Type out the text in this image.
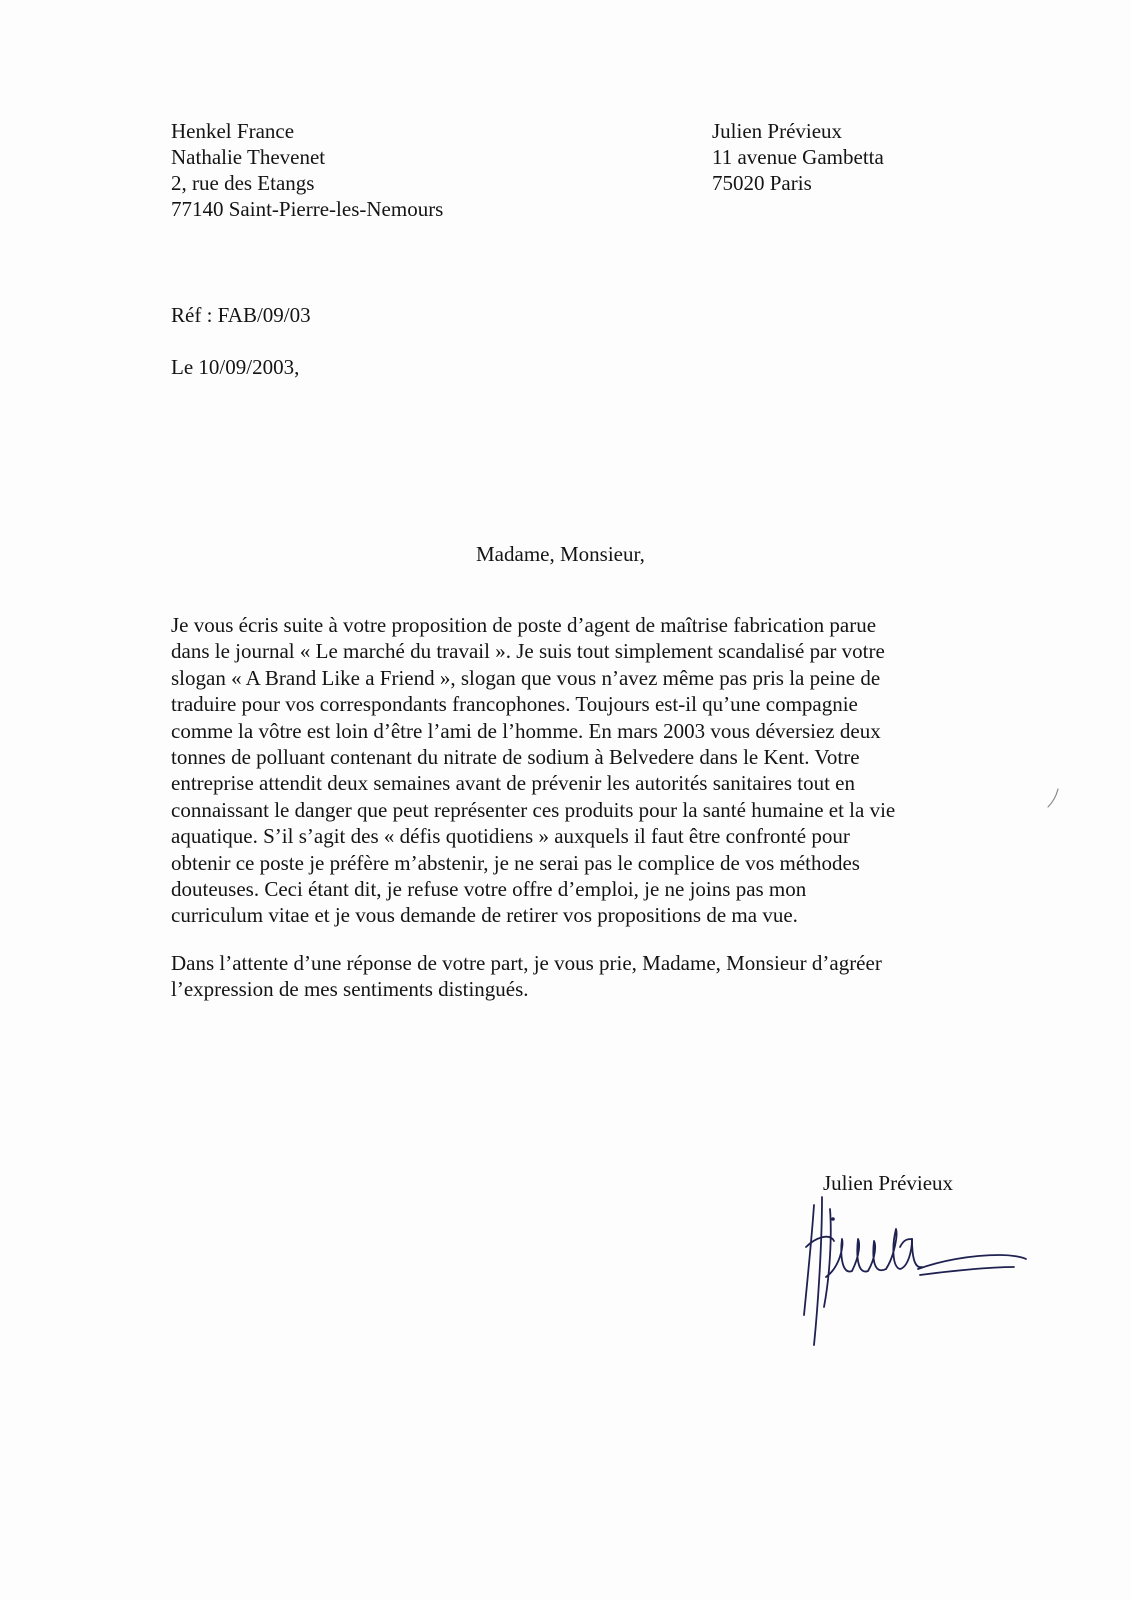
Henkel France
Nathalie Thevenet
2, rue des Etangs
77140 Saint-Pierre-les-Nemours
Julien Prévieux
11 avenue Gambetta
75020 Paris
Réf : FAB/09/03
Le 10/09/2003,
Madame, Monsieur,
Je vous écris suite à votre proposition de poste d’agent de maîtrise fabrication parue
dans le journal « Le marché du travail ». Je suis tout simplement scandalisé par votre
slogan « A Brand Like a Friend », slogan que vous n’avez même pas pris la peine de
traduire pour vos correspondants francophones. Toujours est-il qu’une compagnie
comme la vôtre est loin d’être l’ami de l’homme. En mars 2003 vous déversiez deux
tonnes de polluant contenant du nitrate de sodium à Belvedere dans le Kent. Votre
entreprise attendit deux semaines avant de prévenir les autorités sanitaires tout en
connaissant le danger que peut représenter ces produits pour la santé humaine et la vie
aquatique. S’il s’agit des « défis quotidiens » auxquels il faut être confronté pour
obtenir ce poste je préfère m’abstenir, je ne serai pas le complice de vos méthodes
douteuses. Ceci étant dit, je refuse votre offre d’emploi, je ne joins pas mon
curriculum vitae et je vous demande de retirer vos propositions de ma vue.
Dans l’attente d’une réponse de votre part, je vous prie, Madame, Monsieur d’agréer
l’expression de mes sentiments distingués.
Julien Prévieux
